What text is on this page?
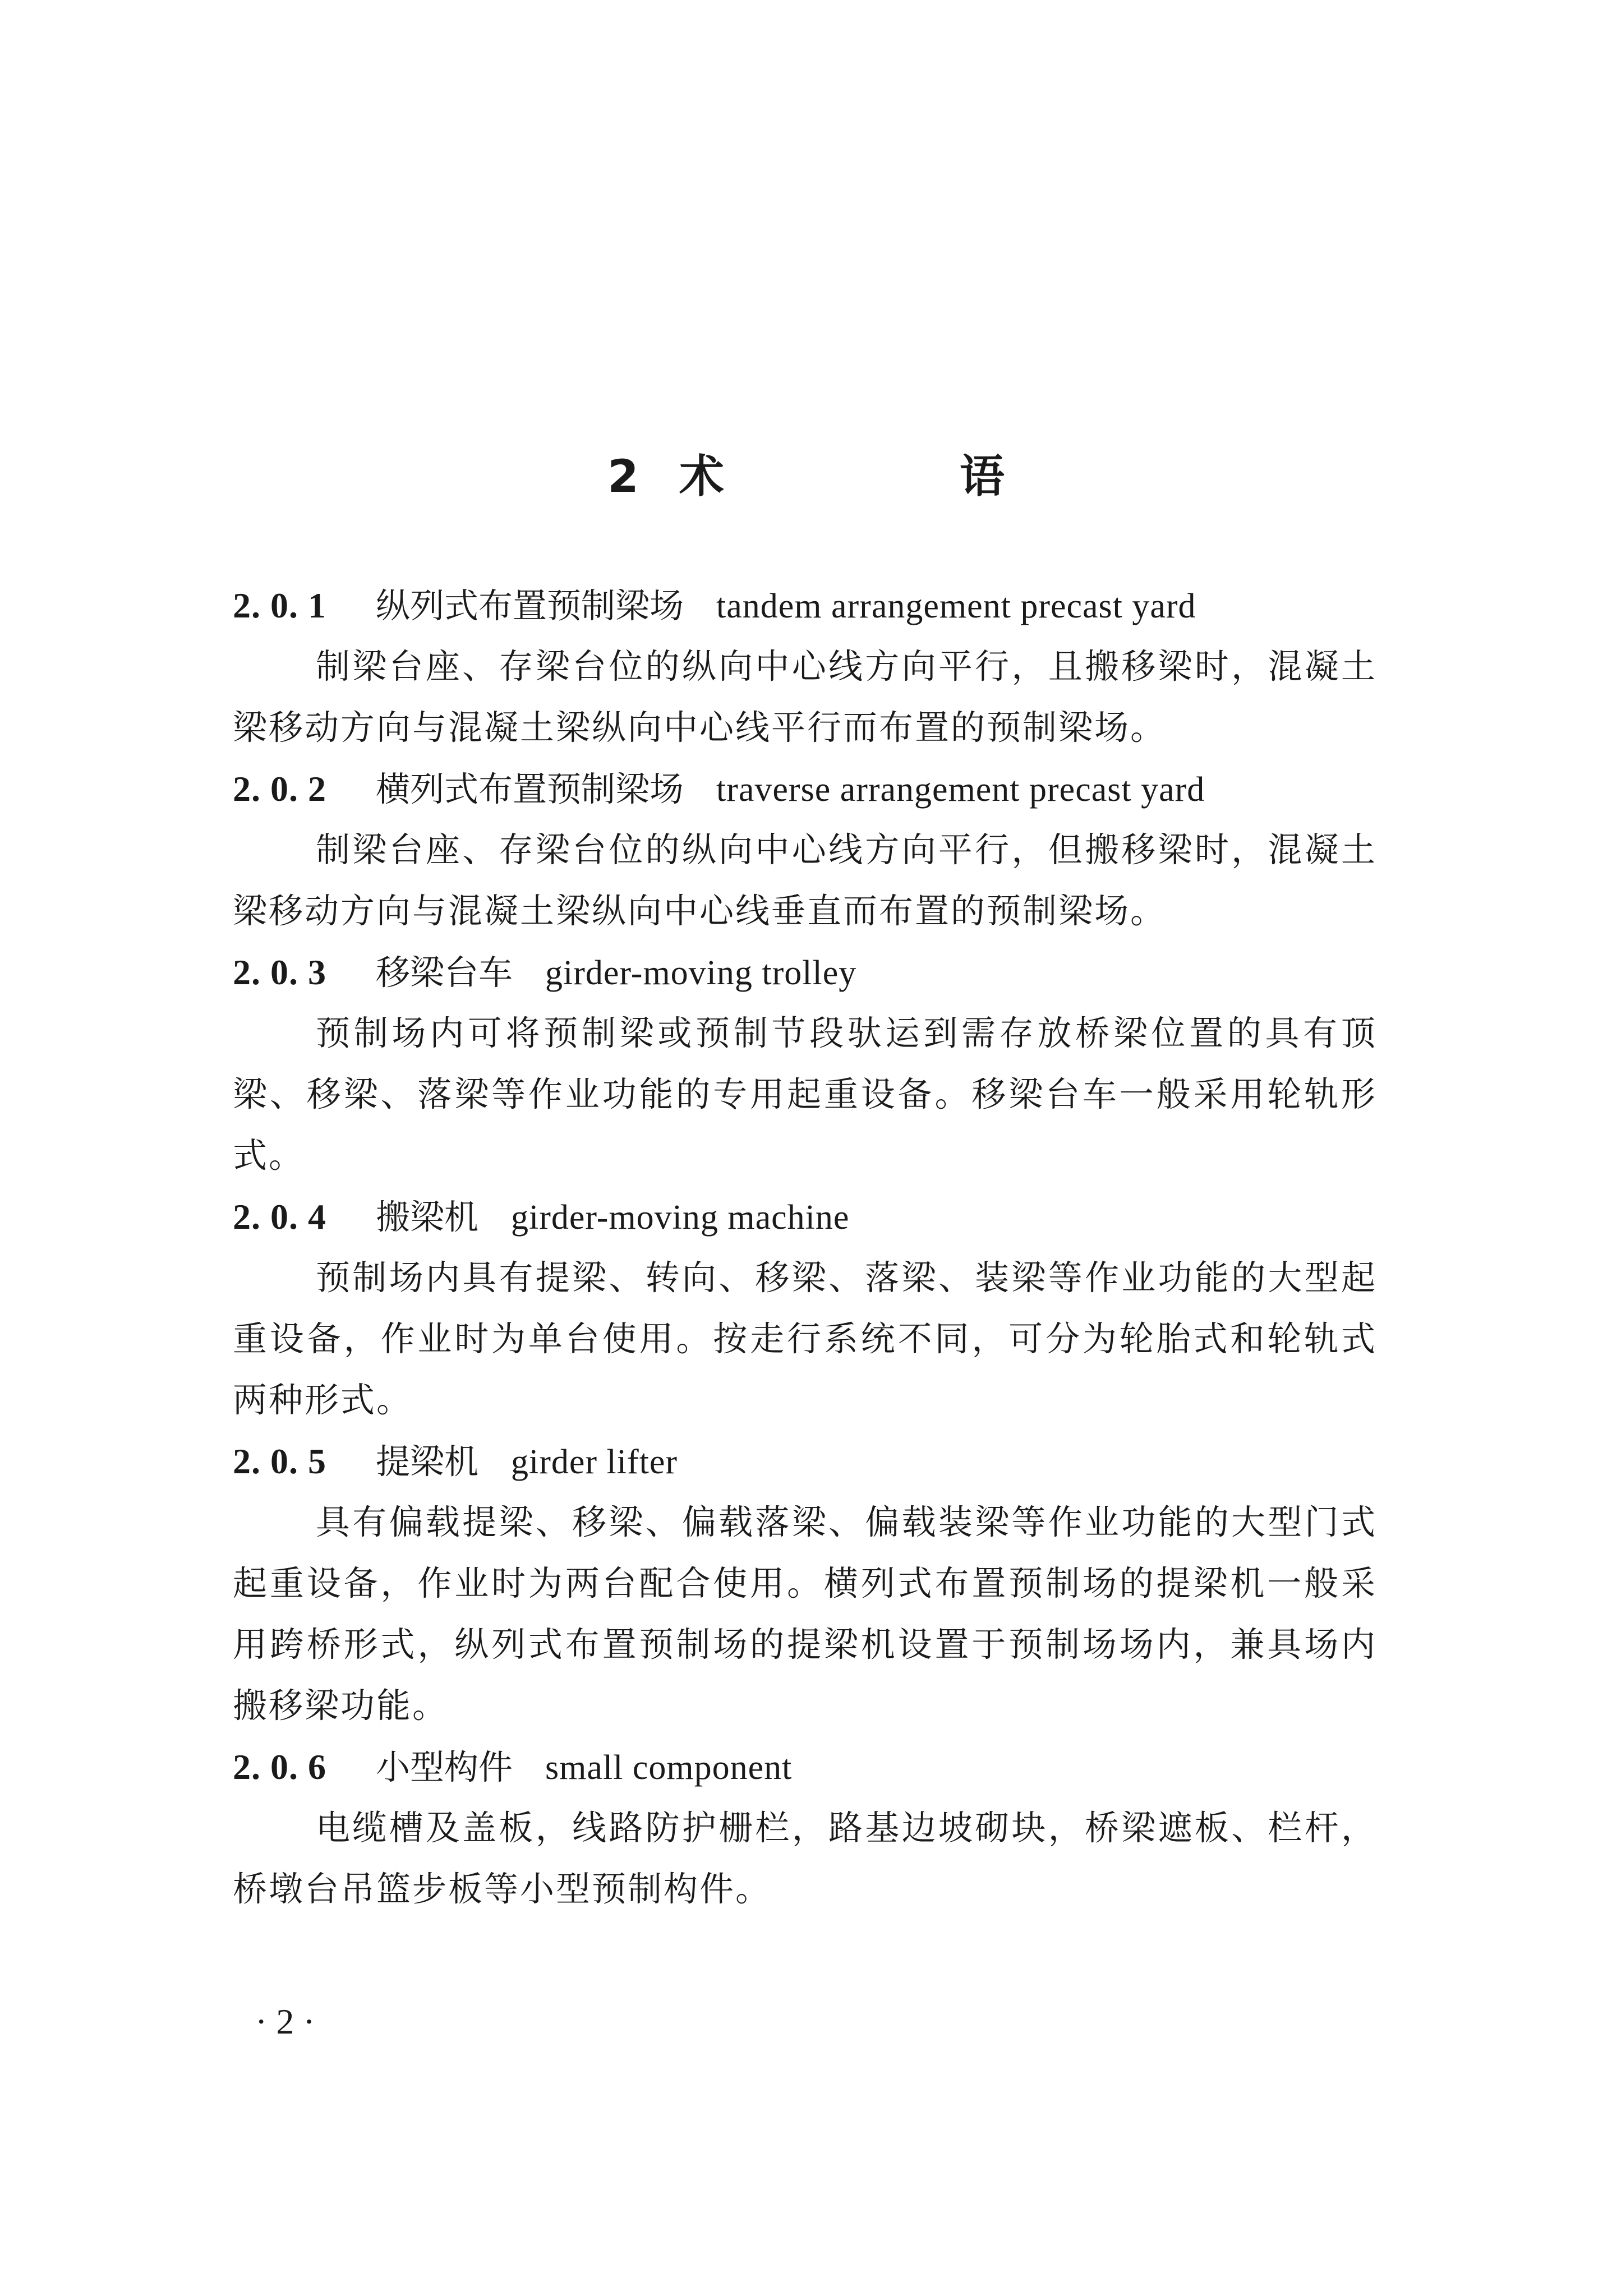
2 术　语
2. 0. 1 纵列式布置预制梁场 tandem arrangement precast yard

制梁台座、存梁台位的纵向中心线方向平行，且搬移梁时，混凝土梁移动方向与混凝土梁纵向中心线平行而布置的预制梁场。

2. 0. 2 横列式布置预制梁场 traverse arrangement precast yard

制梁台座、存梁台位的纵向中心线方向平行，但搬移梁时，混凝土梁移动方向与混凝土梁纵向中心线垂直而布置的预制梁场。

2. 0. 3 移梁台车 girder-moving trolley

预制场内可将预制梁或预制节段驮运到需存放桥梁位置的具有顶梁、移梁、落梁等作业功能的专用起重设备。移梁台车一般采用轮轨形式。

2. 0. 4 搬梁机 girder-moving machine

预制场内具有提梁、转向、移梁、落梁、装梁等作业功能的大型起重设备，作业时为单台使用。按走行系统不同，可分为轮胎式和轮轨式两种形式。

2. 0. 5 提梁机 girder lifter

具有偏载提梁、移梁、偏载落梁、偏载装梁等作业功能的大型门式起重设备，作业时为两台配合使用。横列式布置预制场的提梁机一般采用跨桥形式，纵列式布置预制场的提梁机设置于预制场场内，兼具场内搬移梁功能。

2. 0. 6 小型构件 small component

电缆槽及盖板，线路防护栅栏，路基边坡砌块，桥梁遮板、栏杆，桥墩台吊篮步板等小型预制构件。

· 2 ·
